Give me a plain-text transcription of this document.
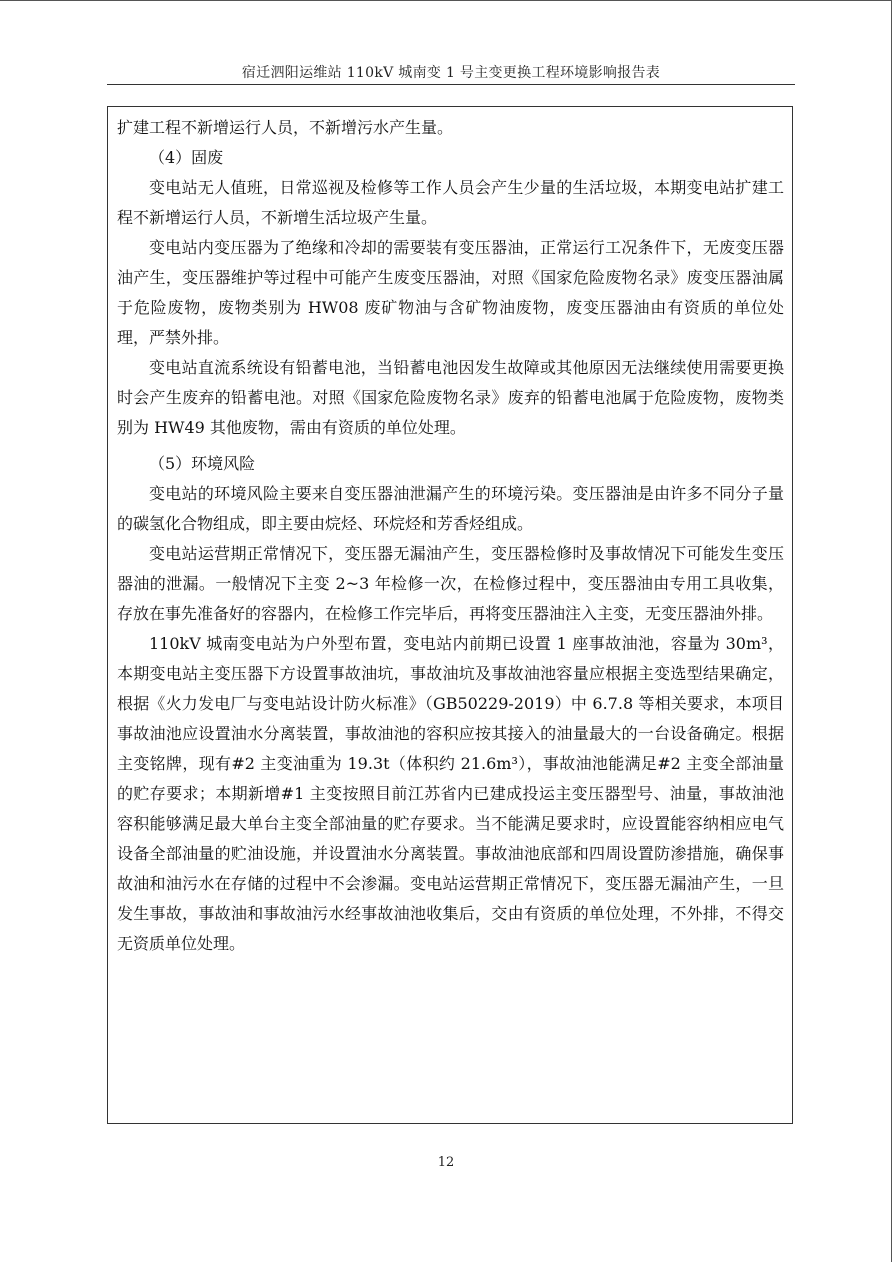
宿迁泗阳运维站 110kV 城南变 1 号主变更换工程环境影响报告表

扩建工程不新增运行人员，不新增污水产生量。

（4）固废

变电站无人值班，日常巡视及检修等工作人员会产生少量的生活垃圾，本期变电站扩建工程不新增运行人员，不新增生活垃圾产生量。

变电站内变压器为了绝缘和冷却的需要装有变压器油，正常运行工况条件下，无废变压器油产生，变压器维护等过程中可能产生废变压器油，对照《国家危险废物名录》废变压器油属于危险废物，废物类别为 HW08 废矿物油与含矿物油废物，废变压器油由有资质的单位处理，严禁外排。

变电站直流系统设有铅蓄电池，当铅蓄电池因发生故障或其他原因无法继续使用需要更换时会产生废弃的铅蓄电池。对照《国家危险废物名录》废弃的铅蓄电池属于危险废物，废物类别为 HW49 其他废物，需由有资质的单位处理。

（5）环境风险

变电站的环境风险主要来自变压器油泄漏产生的环境污染。变压器油是由许多不同分子量的碳氢化合物组成，即主要由烷烃、环烷烃和芳香烃组成。

变电站运营期正常情况下，变压器无漏油产生，变压器检修时及事故情况下可能发生变压器油的泄漏。一般情况下主变 2~3 年检修一次，在检修过程中，变压器油由专用工具收集，存放在事先准备好的容器内，在检修工作完毕后，再将变压器油注入主变，无变压器油外排。

110kV 城南变电站为户外型布置，变电站内前期已设置 1 座事故油池，容量为 30m³，本期变电站主变压器下方设置事故油坑，事故油坑及事故油池容量应根据主变选型结果确定，根据《火力发电厂与变电站设计防火标准》（GB50229-2019）中 6.7.8 等相关要求，本项目事故油池应设置油水分离装置，事故油池的容积应按其接入的油量最大的一台设备确定。根据主变铭牌，现有#2 主变油重为 19.3t（体积约 21.6m³），事故油池能满足#2 主变全部油量的贮存要求；本期新增#1 主变按照目前江苏省内已建成投运主变压器型号、油量，事故油池容积能够满足最大单台主变全部油量的贮存要求。当不能满足要求时，应设置能容纳相应电气设备全部油量的贮油设施，并设置油水分离装置。事故油池底部和四周设置防渗措施，确保事故油和油污水在存储的过程中不会渗漏。变电站运营期正常情况下，变压器无漏油产生，一旦发生事故，事故油和事故油污水经事故油池收集后，交由有资质的单位处理，不外排，不得交无资质单位处理。

12
